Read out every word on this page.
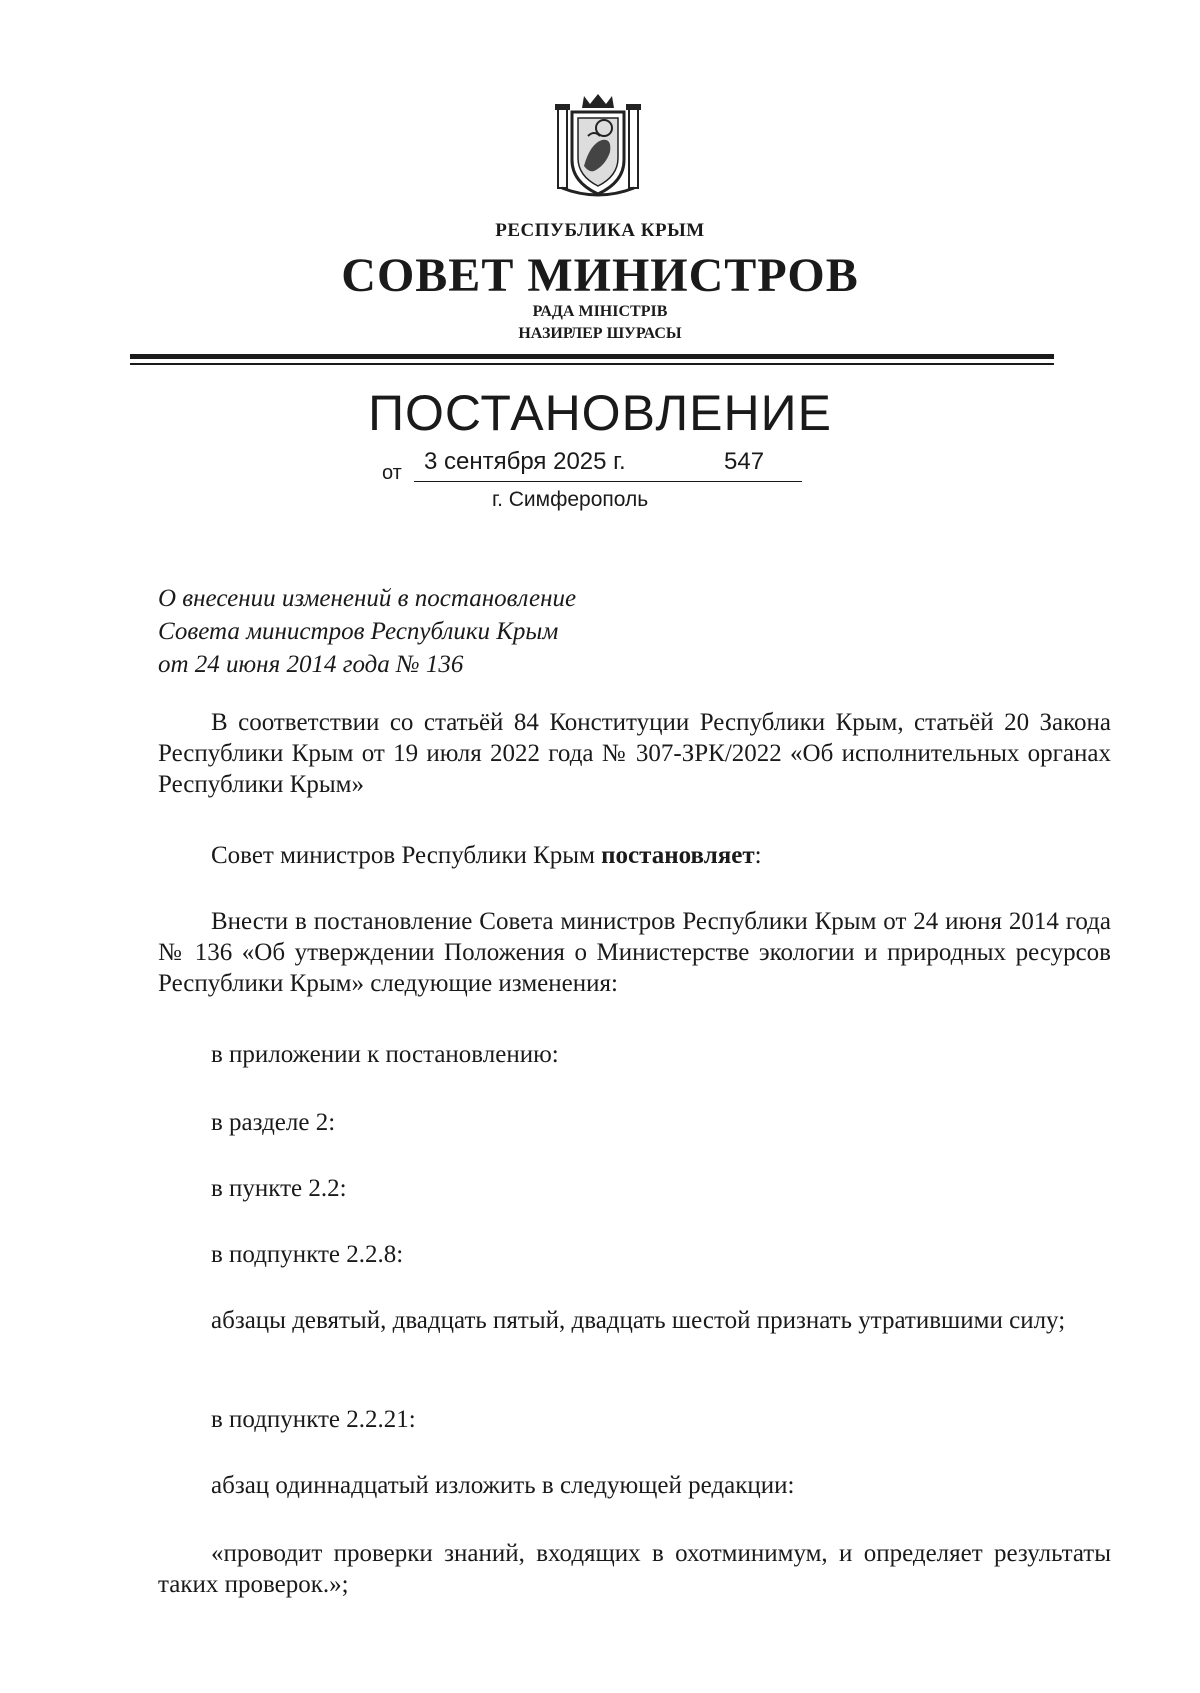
РЕСПУБЛИКА КРЫМ
СОВЕТ МИНИСТРОВ
РАДА МІНІСТРІВ
НАЗИРЛЕР ШУРАСЫ
ПОСТАНОВЛЕНИЕ
от 3 сентября 2025 г.	547
г. Симферополь
О внесении изменений в постановление
Совета министров Республики Крым
от 24 июня 2014 года № 136

В соответствии со статьёй 84 Конституции Республики Крым, статьёй 20 Закона Республики Крым от 19 июля 2022 года № 307-ЗРК/2022 «Об исполнительных органах Республики Крым»

Совет министров Республики Крым постановляет:

Внести в постановление Совета министров Республики Крым от 24 июня 2014 года № 136 «Об утверждении Положения о Министерстве экологии и природных ресурсов Республики Крым» следующие изменения:

в приложении к постановлению:

в разделе 2:

в пункте 2.2:

в подпункте 2.2.8:

абзацы девятый, двадцать пятый, двадцать шестой признать утратившими силу;

в подпункте 2.2.21:

абзац одиннадцатый изложить в следующей редакции:

«проводит проверки знаний, входящих в охотминимум, и определяет результаты таких проверок.»;
